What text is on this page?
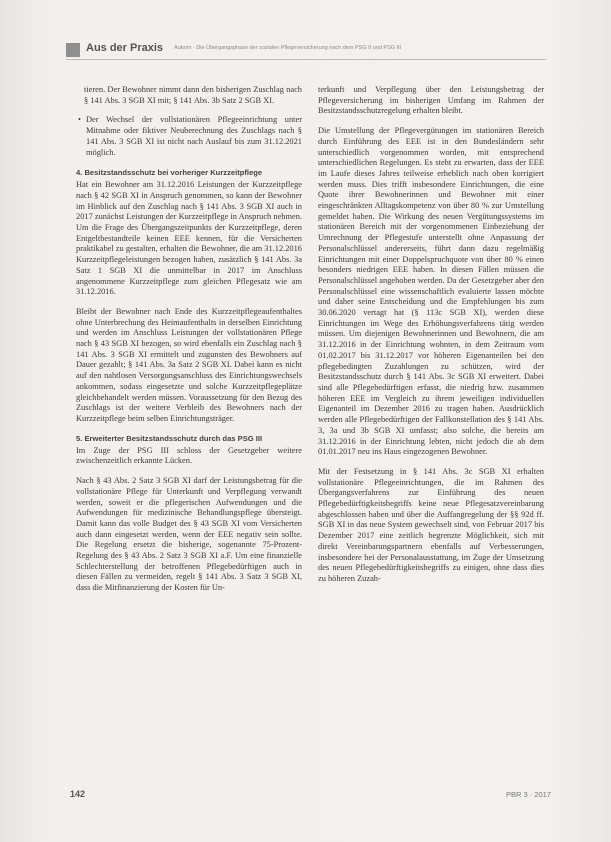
Aus der Praxis Autorin · Die Übergangsphase der sozialen Pflegeversicherung nach dem PSG II und PSG III

tieren. Der Bewohner nimmt dann den bisherigen Zuschlag nach § 141 Abs. 3 SGB XI mit; § 141 Abs. 3b Satz 2 SGB XI.

• Der Wechsel der vollstationären Pflegeeinrichtung unter Mitnahme oder fiktiver Neuberechnung des Zuschlags nach § 141 Abs. 3 SGB XI ist nicht nach Auslauf bis zum 31.12.2021 möglich.
4. Besitzstandsschutz bei vorheriger Kurzzeitpflege

Hat ein Bewohner am 31.12.2016 Leistungen der Kurzzeitpflege nach § 42 SGB XI in Anspruch genommen, so kann der Bewohner im Hinblick auf den Zuschlag nach § 141 Abs. 3 SGB XI auch in 2017 zunächst Leistungen der Kurzzeitpflege in Anspruch nehmen. Um die Frage des Übergangszeitpunkts der Kurzzeitpflege, deren Entgeltbestandteile keinen EEE kennen, für die Versicherten praktikabel zu gestalten, erhalten die Bewohner, die am 31.12.2016 Kurzzeitpflegeleistungen bezogen haben, zusätzlich § 141 Abs. 3a Satz 1 SGB XI die unmittelbar in 2017 im Anschluss angenommene Kurzzeitpflege zum gleichen Pflegesatz wie am 31.12.2016.

Bleibt der Bewohner nach Ende des Kurzzeitpflegeaufenthaltes ohne Unterbrechung des Heimaufenthalts in derselben Einrichtung und werden im Anschluss Leistungen der vollstationären Pflege nach § 43 SGB XI bezogen, so wird ebenfalls ein Zuschlag nach § 141 Abs. 3 SGB XI ermittelt und zugunsten des Bewohners auf Dauer gezahlt; § 141 Abs. 3a Satz 2 SGB XI. Dabei kann es nicht auf den nahtlosen Versorgungsanschluss des Einrichtungswechsels ankommen, sodass eingesetzte und solche Kurzzeitpflegeplätze gleichbehandelt werden müssen. Voraussetzung für den Bezug des Zuschlags ist der weitere Verbleib des Bewohners nach der Kurzzeitpflege beim selben Einrichtungsträger.

5. Erweiterter Besitzstandsschutz durch das PSG III

Im Zuge der PSG III schloss der Gesetzgeber weitere zwischenzeitlich erkannte Lücken.

Nach § 43 Abs. 2 Satz 3 SGB XI darf der Leistungsbetrag für die vollstationäre Pflege für Unterkunft und Verpflegung verwandt werden, soweit er die pflegerischen Aufwendungen und die Aufwendungen für medizinische Behandlungspflege übersteigt. Damit kann das volle Budget des § 43 SGB XI vom Versicherten auch dann eingesetzt werden, wenn der EEE negativ sein sollte. Die Regelung ersetzt die bisherige, sogenannte 75-Prozent-Regelung des § 43 Abs. 2 Satz 3 SGB XI a.F. Um eine finanzielle Schlechterstellung der betroffenen Pflegebedürftigen auch in diesen Fällen zu vermeiden, regelt § 141 Abs. 3 Satz 3 SGB XI, dass die Mitfinanzierung der Kosten für Un-

terkunft und Verpflegung über den Leistungsbetrag der Pflegeversicherung im bisherigen Umfang im Rahmen der Besitzstandsschutzregelung erhalten bleibt.

Die Umstellung der Pflegevergütungen im stationären Bereich durch Einführung des EEE ist in den Bundesländern sehr unterschiedlich vorgenommen worden, mit entsprechend unterschiedlichen Regelungen. Es steht zu erwarten, dass der EEE im Laufe dieses Jahres teilweise erheblich nach oben korrigiert werden muss. Dies trifft insbesondere Einrichtungen, die eine Quote ihrer Bewohnerinnen und Bewohner mit einer eingeschränkten Alltagskompetenz von über 80 % zur Umstellung gemeldet haben. Die Wirkung des neuen Vergütungssystems im stationären Bereich mit der vorgenommenen Einbeziehung der Umrechnung der Pflegestufe unterstellt ohne Anpassung der Personalschlüssel andererseits, führt dann dazu regelmäßig Einrichtungen mit einer Doppelspruchquote von über 80 % einen besonders niedrigen EEE haben. In diesen Fällen müssen die Personalschlüssel angehoben werden. Da der Gesetzgeber aber den Personalschlüssel eine wissenschaftlich evaluierte lassen möchte und daher seine Entscheidung und die Empfehlungen bis zum 30.06.2020 vertagt hat (§ 113c SGB XI), werden diese Einrichtungen im Wege des Erhöhungsverfahrens tätig werden müssen. Um diejenigen Bewohnerinnen und Bewohnern, die am 31.12.2016 in der Einrichtung wohnten, in dem Zeitraum vom 01.02.2017 bis 31.12.2017 vor höheren Eigenanteilen bei den pflegebedingten Zuzahlungen zu schützen, wird der Besitzstandsschutz durch § 141 Abs. 3c SGB XI erweitert. Dabei sind alle Pflegebedürftigen erfasst, die niedrig bzw. zusammen höheren EEE im Vergleich zu ihrem jeweiligen individuellen Eigenanteil im Dezember 2016 zu tragen haben. Ausdrücklich werden alle Pflegebedürftigen der Fallkonstellation des § 141 Abs. 3, 3a und 3b SGB XI umfasst; also solche, die bereits am 31.12.2016 in der Einrichtung lebten, nicht jedoch die ab dem 01.01.2017 neu ins Haus eingezogenen Bewohner.

Mit der Festsetzung in § 141 Abs. 3c SGB XI erhalten vollstationäre Pflegeeinrichtungen, die im Rahmen des Übergangsverfahrens zur Einführung des neuen Pflegebedürftigkeitsbegriffs keine neue Pflegesatzvereinbarung abgeschlossen haben und über die Auffangregelung der §§ 92d ff. SGB XI in das neue System gewechselt sind, von Februar 2017 bis Dezember 2017 eine zeitlich begrenzte Möglichkeit, sich mit direkt Vereinbarungspartnern ebenfalls auf Verbesserungen, insbesondere bei der Personalausstattung, im Zuge der Umsetzung des neuen Pflegebedürftigkeitsbegriffs zu einigen, ohne dass dies zu höheren Zuzah-

142	PBR 3 · 2017
